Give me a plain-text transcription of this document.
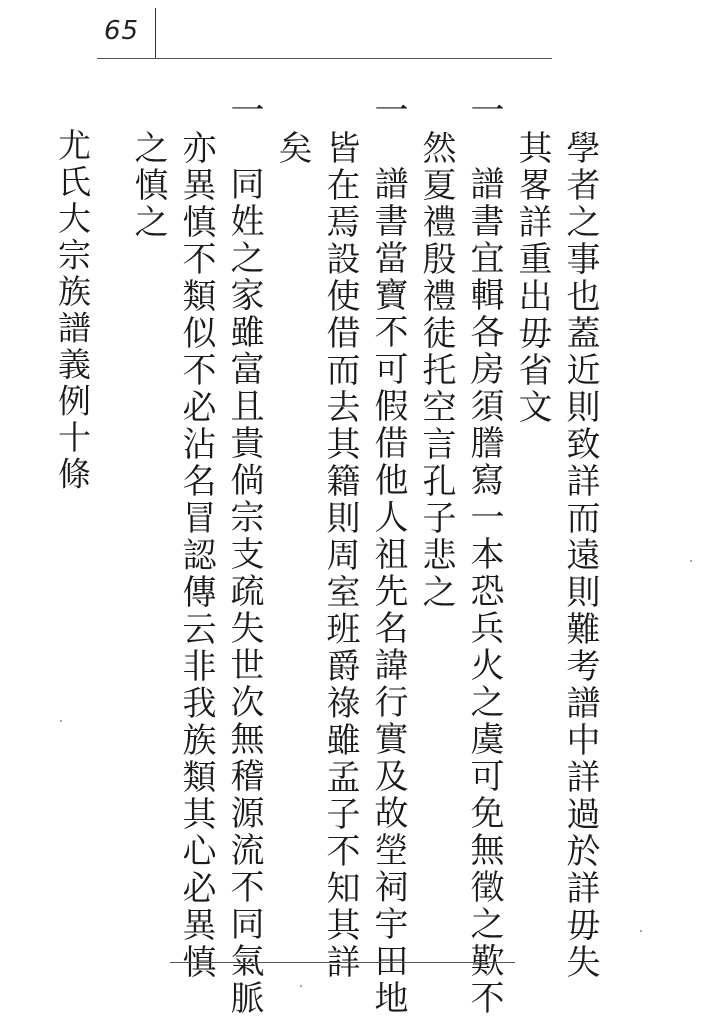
65
學者之事也蓋近則致詳而遠則難考譜中詳過於詳毋失
其畧詳重出毋省文
一　譜書宜輯各房須謄寫一本恐兵火之虞可免無徵之歎不
然夏禮殷禮徒托空言孔子悲之
一　譜書當寶不可假借他人祖先名諱行實及故塋祠宇田地
皆在焉設使借而去其籍則周室班爵祿雖孟子不知其詳
矣
一　同姓之家雖富且貴倘宗支疏失世次無稽源流不同氣脈
亦異慎不類似不必沾名冒認傳云非我族類其心必異慎
之慎之
尤氏大宗族譜義例十條
